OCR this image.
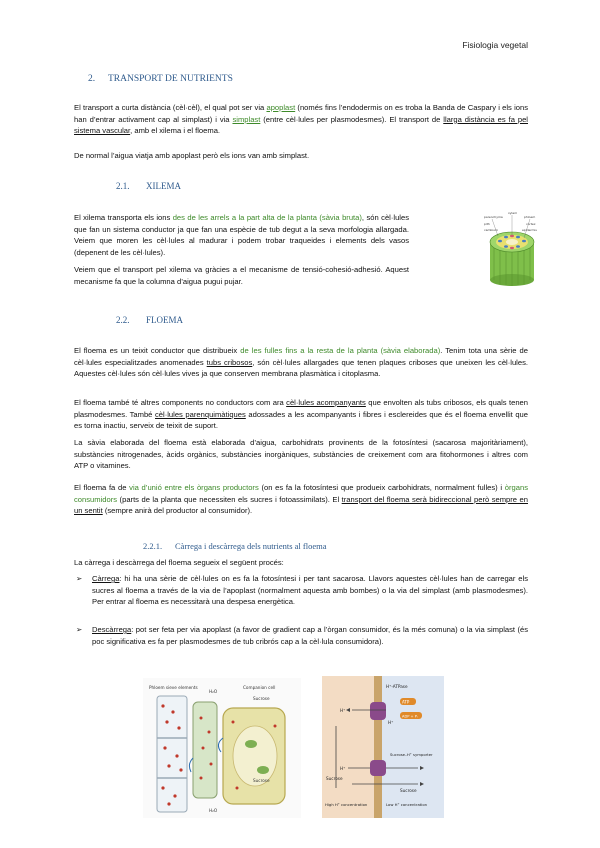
Fisiologia vegetal
2. TRANSPORT DE NUTRIENTS
El transport a curta distància (cèl·cèl), el qual pot ser via apoplast (només fins l’endodermis on es troba la Banda de Caspary i els ions han d’entrar activament cap al simplast) i via simplast (entre cèl·lules per plasmodesmes). El transport de llarga distància es fa pel sistema vascular, amb el xilema i el floema.
De normal l’aigua viatja amb apoplast però els ions van amb simplast.
2.1. XILEMA
El xilema transporta els ions des de les arrels a la part alta de la planta (sàvia bruta), són cèl·lules que fan un sistema conductor ja que fan una espècie de tub degut a la seva morfologia allargada. Veiem que moren les cèl·lules al madurar i podem trobar traqueides i elements dels vasos (depenent de les cèl·lules).
Veiem que el transport pel xilema va gràcies a el mecanisme de tensió-cohesió-adhesió. Aquest mecanisme fa que la columna d’aigua pugui pujar.
parenchyma
xylem
phloem
pith	cortex
cambium	epidermis
2.2. FLOEMA
El floema es un teixit conductor que distribueix de les fulles fins a la resta de la planta (sàvia elaborada). Tenim tota una sèrie de cèl·lules especialitzades anomenades tubs cribosos, són cèl·lules allargades que tenen plaques criboses que uneixen les cèl·lules. Aquestes cèl·lules són cèl·lules vives ja que conserven membrana plasmàtica i citoplasma.
El floema també té altres components no conductors com ara cèl·lules acompanyants que envolten als tubs cribosos, els quals tenen plasmodesmes. També cèl·lules parenquimàtiques adossades a les acompanyants i fibres i esclereides que és el floema envellit que es torna inactiu, serveix de teixit de suport.
La sàvia elaborada del floema està elaborada d’aigua, carbohidrats provinents de la fotosíntesi (sacarosa majoritàriament), substàncies nitrogenades, àcids orgànics, substàncies inorgàniques, substàncies de creixement com ara fitohormones i altres com ATP o vitamines.
El floema fa de via d’unió entre els òrgans productors (on es fa la fotosíntesi que produeix carbohidrats, normalment fulles) i òrgans consumidors (parts de la planta que necessiten els sucres i fotoassimilats). El transport del floema serà bidireccional però sempre en un sentit (sempre anirà del productor al consumidor).
2.2.1. Càrrega i descàrrega dels nutrients al floema
La càrrega i descàrrega del floema segueix el següent procés:
➢ Càrrega: hi ha una sèrie de cèl·lules on es fa la fotosíntesi i per tant sacarosa. Llavors aquestes cèl·lules han de carregar els sucres al floema a través de la via de l’apoplast (normalment aquesta amb bombes) o la via del simplast (amb plasmodesmes). Per entrar al floema es necessitarà una despesa energètica.
➢ Descàrrega: pot ser feta per via apoplast (a favor de gradient cap a l’òrgan consumidor, és la més comuna) o la via simplast (és poc significativa es fa per plasmodesmes de tub cribrós cap a la cèl·lula consumidora).
Phloem sieve elements	Companion cell
Sucrose
Sucrose
H₂O
H₂O
H⁺-ATPase
ATP
ADP + Pᵢ
H⁺
H⁺
H⁺
Sucrose–H⁺ symporter
Sucrose
Sucrose
High H⁺ concentration	Low H⁺ concentration
